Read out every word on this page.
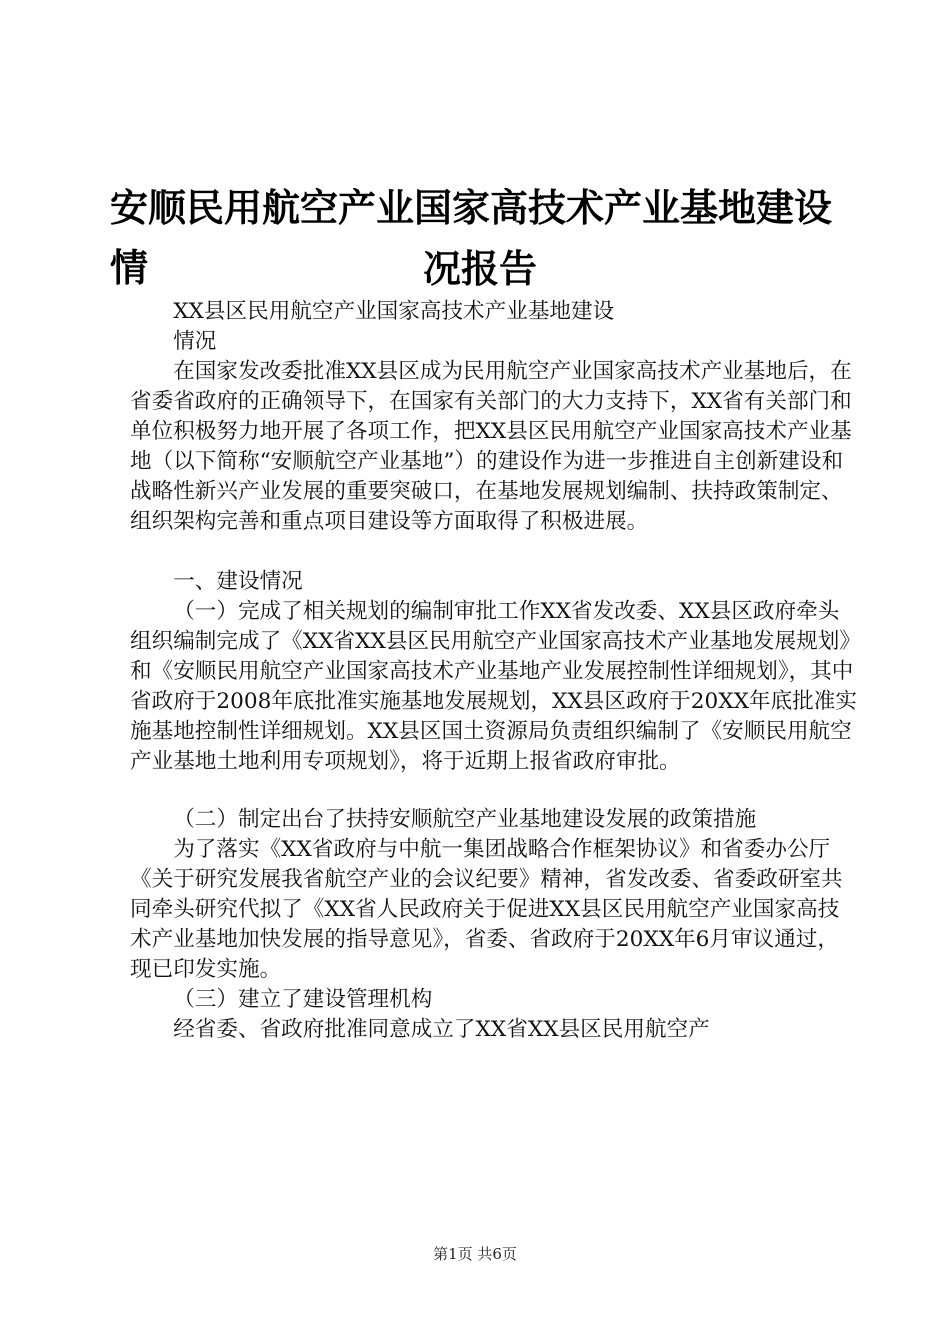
安顺民用航空产业国家高技术产业基地建设情	况报告

XX县区民用航空产业国家高技术产业基地建设

情况

在国家发改委批准XX县区成为民用航空产业国家高技术产业基地后，在省委省政府的正确领导下，在国家有关部门的大力支持下，XX省有关部门和单位积极努力地开展了各项工作，把XX县区民用航空产业国家高技术产业基地（以下简称“安顺航空产业基地”）的建设作为进一步推进自主创新建设和战略性新兴产业发展的重要突破口，在基地发展规划编制、扶持政策制定、组织架构完善和重点项目建设等方面取得了积极进展。

一、建设情况

（一）完成了相关规划的编制审批工作XX省发改委、XX县区政府牵头组织编制完成了《XX省XX县区民用航空产业国家高技术产业基地发展规划》和《安顺民用航空产业国家高技术产业基地产业发展控制性详细规划》，其中省政府于2008年底批准实施基地发展规划，XX县区政府于20XX年底批准实施基地控制性详细规划。XX县区国土资源局负责组织编制了《安顺民用航空产业基地土地利用专项规划》，将于近期上报省政府审批。

（二）制定出台了扶持安顺航空产业基地建设发展的政策措施

为了落实《XX省政府与中航一集团战略合作框架协议》和省委办公厅《关于研究发展我省航空产业的会议纪要》精神，省发改委、省委政研室共同牵头研究代拟了《XX省人民政府关于促进XX县区民用航空产业国家高技术产业基地加快发展的指导意见》，省委、省政府于20XX年6月审议通过，现已印发实施。

（三）建立了建设管理机构

经省委、省政府批准同意成立了XX省XX县区民用航空产

第1页 共6页
